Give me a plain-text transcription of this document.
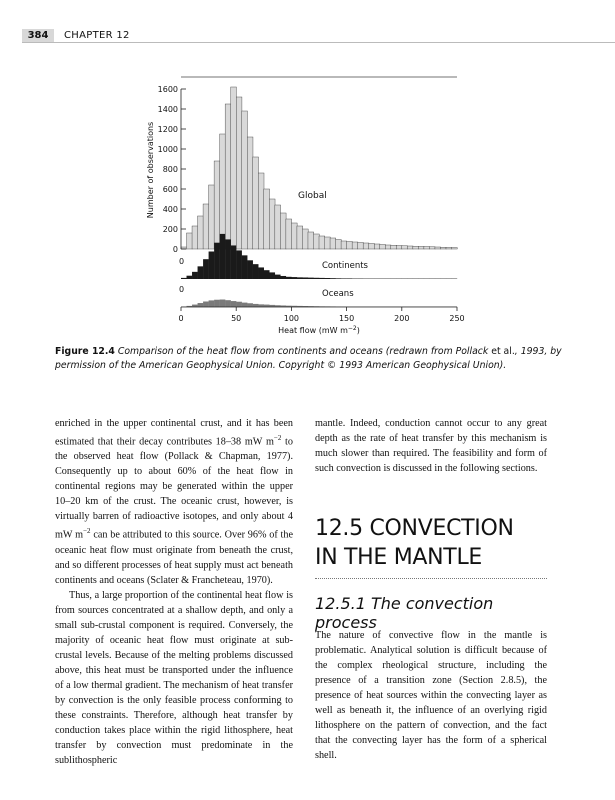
384	CHAPTER 12
0
200
400
600
800
1000
1200
1400
1600
0	50	100	150	200	250
0
0
Global
Continents
Oceans
Heat flow (mW $m^{-2}$)
Number of observations
Figure 12.4 Comparison of the heat flow from continents and oceans (redrawn from Pollack et al., 1993, by permission of the American Geophysical Union. Copyright © 1993 American Geophysical Union).

enriched in the upper continental crust, and it has been estimated that their decay contributes 18–38 mW $m^{-2}$ to the observed heat flow (Pollack & Chapman, 1977). Consequently up to about 60% of the heat flow in continental regions may be generated within the upper 10–20 km of the crust. The oceanic crust, however, is virtually barren of radioactive isotopes, and only about 4 mW $m^{-2}$ can be attributed to this source. Over 96% of the oceanic heat flow must originate from beneath the crust, and so different processes of heat supply must act beneath continents and oceans (Sclater & Francheteau, 1970).

Thus, a large proportion of the continental heat flow is from sources concentrated at a shallow depth, and only a small sub-crustal component is required. Conversely, the majority of oceanic heat flow must originate at sub-crustal levels. Because of the melting problems discussed above, this heat must be transported under the influence of a low thermal gradient. The mechanism of heat transfer by convection is the only feasible process conforming to these constraints. Therefore, although heat transfer by conduction takes place within the rigid lithosphere, heat transfer by convection must predominate in the sublithospheric

mantle. Indeed, conduction cannot occur to any great depth as the rate of heat transfer by this mechanism is much slower than required. The feasibility and form of such convection is discussed in the following sections.

12.5 CONVECTION
IN THE MANTLE
12.5.1 The convection process
The nature of convective flow in the mantle is problematic. Analytical solution is difficult because of the complex rheological structure, including the presence of a transition zone (Section 2.8.5), the presence of heat sources within the convecting layer as well as beneath it, the influence of an overlying rigid lithosphere on the pattern of convection, and the fact that the convecting layer has the form of a spherical shell.
